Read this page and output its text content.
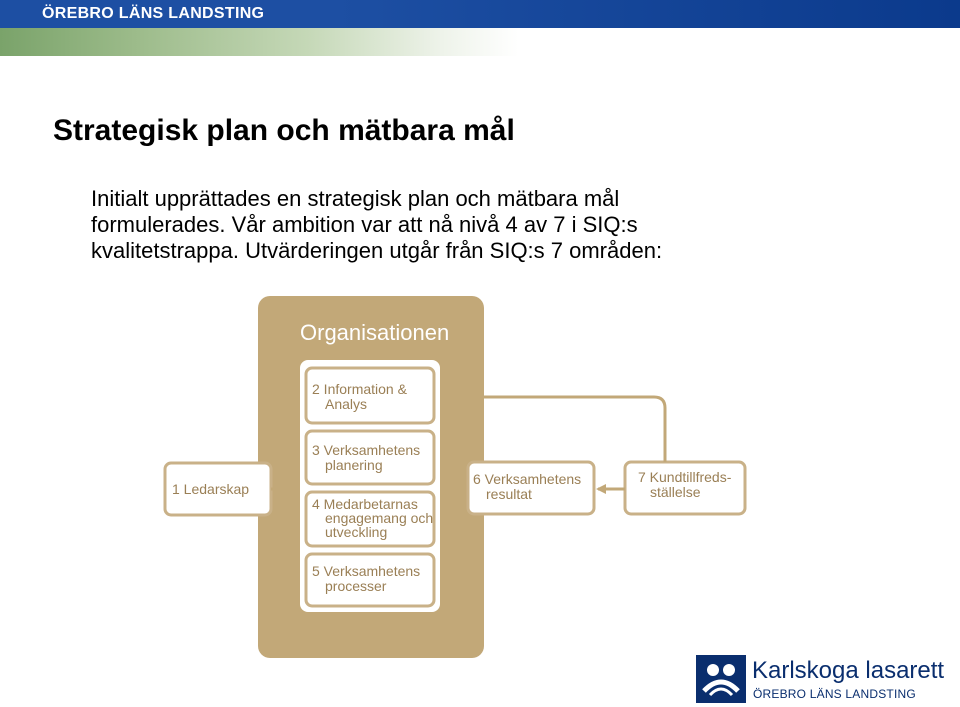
ÖREBRO LÄNS LANDSTING
Strategisk plan och mätbara mål

Initialt upprättades en strategisk plan och mätbara mål
formulerades. Vår ambition var att nå nivå 4 av 7 i SIQ:s
kvalitetstrappa. Utvärderingen utgår från SIQ:s 7 områden:

Organisationen
2 Information & Analys
3 Verksamhetens planering
4 Medarbetarnas engagemang och utveckling
5 Verksamhetens processer
1 Ledarskap
6 Verksamhetens resultat
7 Kundtillfreds- ställelse
Karlskoga lasarett
ÖREBRO LÄNS LANDSTING
